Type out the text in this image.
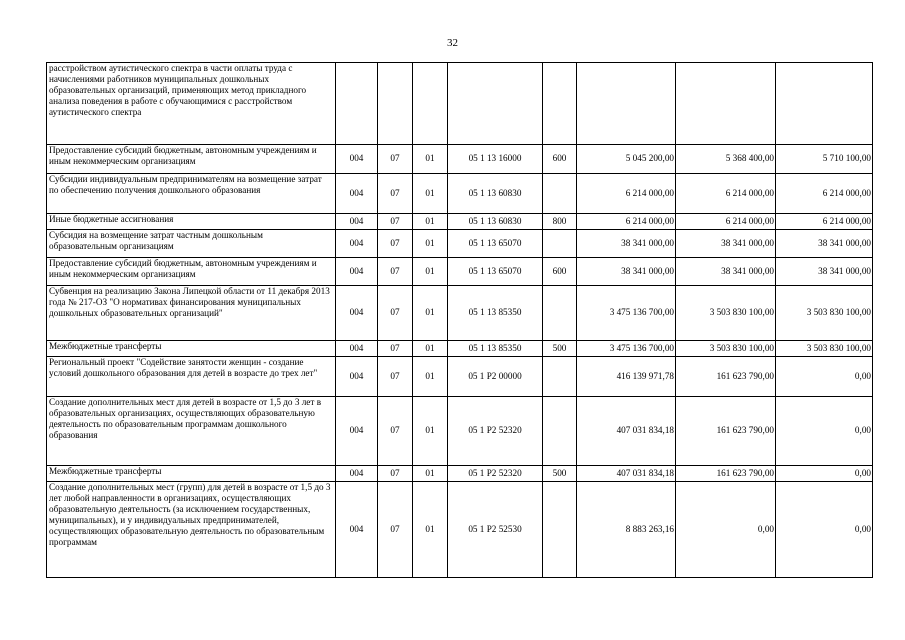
32
расстройством аутистического спектра в части оплаты труда с начислениями работников муниципальных дошкольных образовательных организаций, применяющих метод прикладного анализа поведения в работе с обучающимися с расстройством аутистического спектра								
Предоставление субсидий бюджетным, автономным учреждениям и иным некоммерческим организациям	004	07	01	05 1 13 16000	600	5 045 200,00	5 368 400,00	5 710 100,00
Субсидии индивидуальным предпринимателям на возмещение затрат по обеспечению получения дошкольного образования	004	07	01	05 1 13 60830		6 214 000,00	6 214 000,00	6 214 000,00
Иные бюджетные ассигнования	004	07	01	05 1 13 60830	800	6 214 000,00	6 214 000,00	6 214 000,00
Субсидия на возмещение затрат частным дошкольным образовательным организациям	004	07	01	05 1 13 65070		38 341 000,00	38 341 000,00	38 341 000,00
Предоставление субсидий бюджетным, автономным учреждениям и иным некоммерческим организациям	004	07	01	05 1 13 65070	600	38 341 000,00	38 341 000,00	38 341 000,00
Субвенция на реализацию Закона Липецкой области от 11 декабря 2013 года № 217-ОЗ "О нормативах финансирования муниципальных дошкольных образовательных организаций"	004	07	01	05 1 13 85350		3 475 136 700,00	3 503 830 100,00	3 503 830 100,00
Межбюджетные трансферты	004	07	01	05 1 13 85350	500	3 475 136 700,00	3 503 830 100,00	3 503 830 100,00
Региональный проект "Содействие занятости женщин - создание условий дошкольного образования для детей в возрасте до трех лет"	004	07	01	05 1 P2 00000		416 139 971,78	161 623 790,00	0,00
Создание дополнительных мест для детей в возрасте от 1,5 до 3 лет в образовательных организациях, осуществляющих образовательную деятельность по образовательным программам дошкольного образования	004	07	01	05 1 P2 52320		407 031 834,18	161 623 790,00	0,00
Межбюджетные трансферты	004	07	01	05 1 P2 52320	500	407 031 834,18	161 623 790,00	0,00
Создание дополнительных мест (групп) для детей в возрасте от 1,5 до 3 лет любой направленности в организациях, осуществляющих образовательную деятельность (за исключением государственных, муниципальных), и у индивидуальных предпринимателей, осуществляющих образовательную деятельность по образовательным программам	004	07	01	05 1 P2 52530		8 883 263,16	0,00	0,00
